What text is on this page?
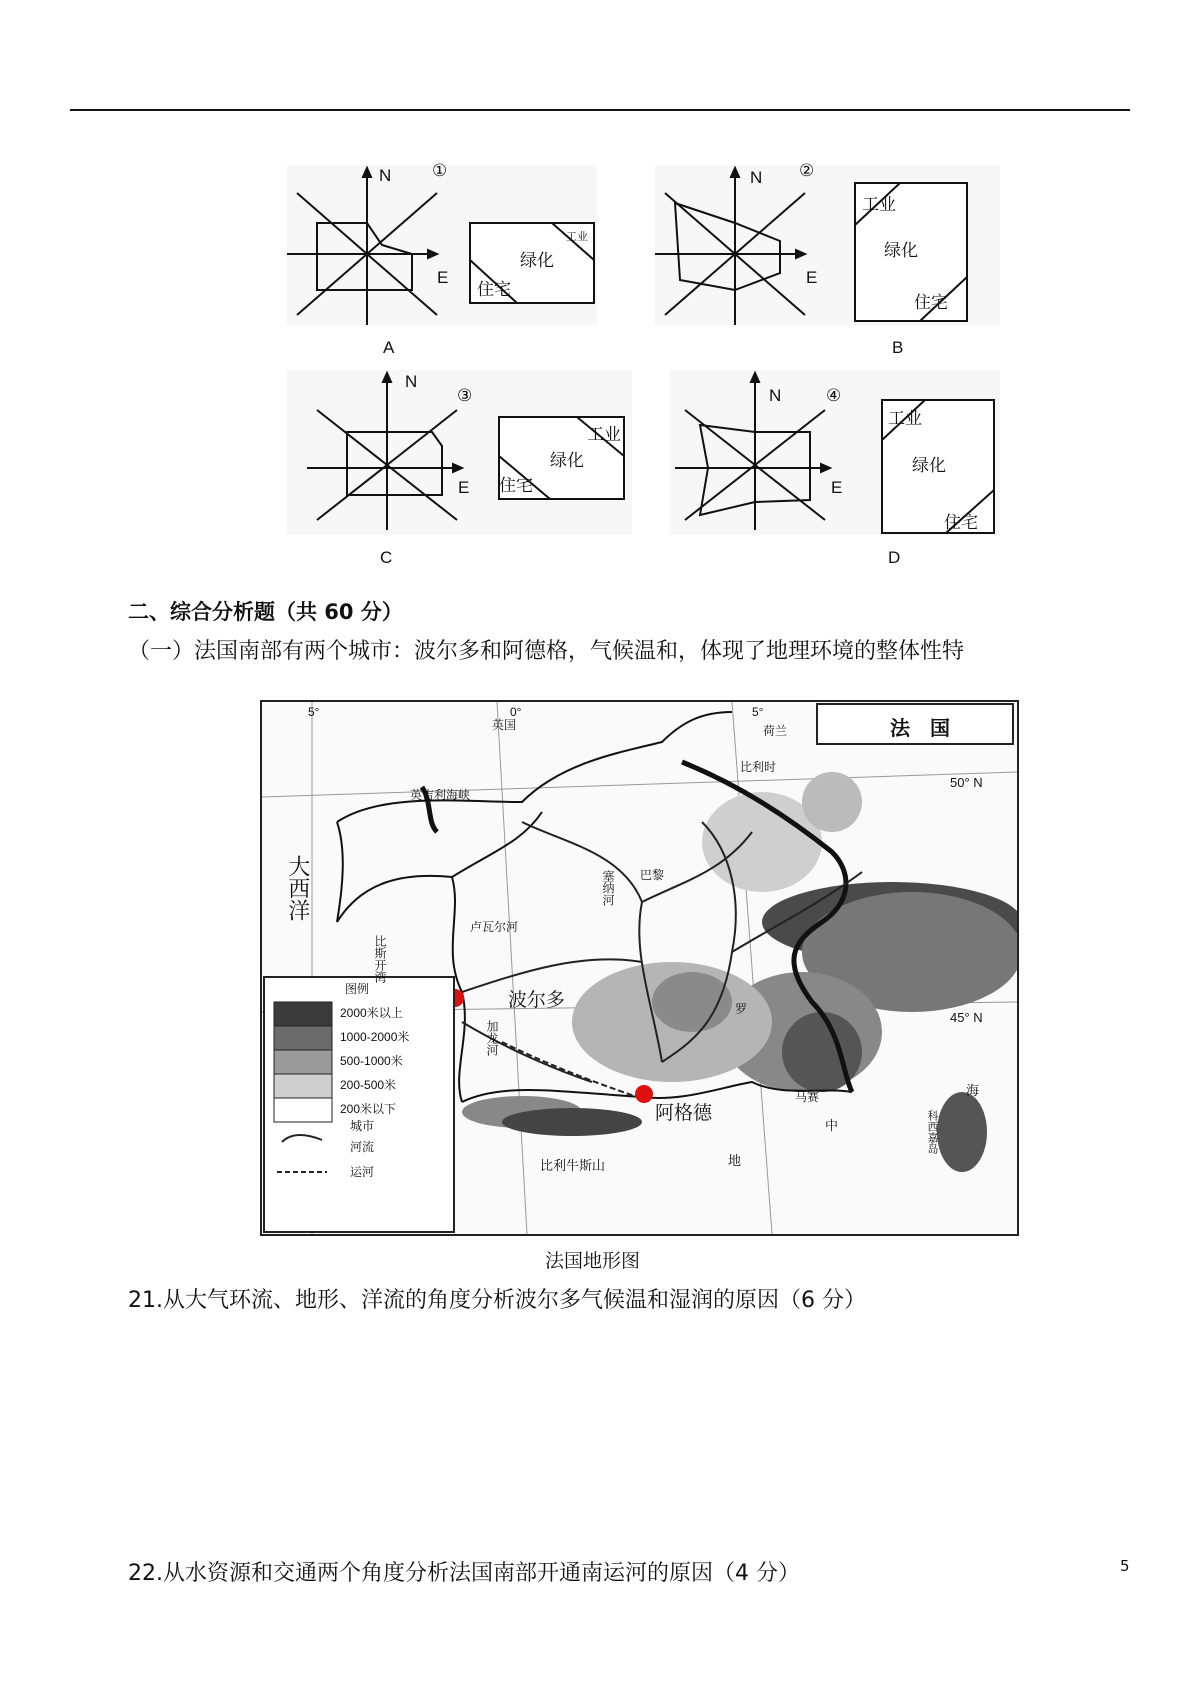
N ①
E
工业
绿化
住宅
A
N ②
E
工业
绿化
住宅
B
N
③
E
工业
绿化
住宅
C
N	④
E
工业
绿化
住宅
D
二、综合分析题（共 60 分）
（一）法国南部有两个城市：波尔多和阿德格，气候温和，体现了地理环境的整体性特
法　国
5°	0°	5°
50° N
45° N
英国	荷兰
比利时
英吉利海峡
大西洋
比斯开湾
巴黎
塞纳河
卢瓦尔河
罗
波尔多
阿格德
加龙河
比利牛斯山
中
地
海
科西嘉岛
马赛
图例
2000米以上
1000-2000米
500-1000米
200-500米
200米以下
城市
河流
运河
法国地形图
21.从大气环流、地形、洋流的角度分析波尔多气候温和湿润的原因（6 分）
22.从水资源和交通两个角度分析法国南部开通南运河的原因（4 分）	5
